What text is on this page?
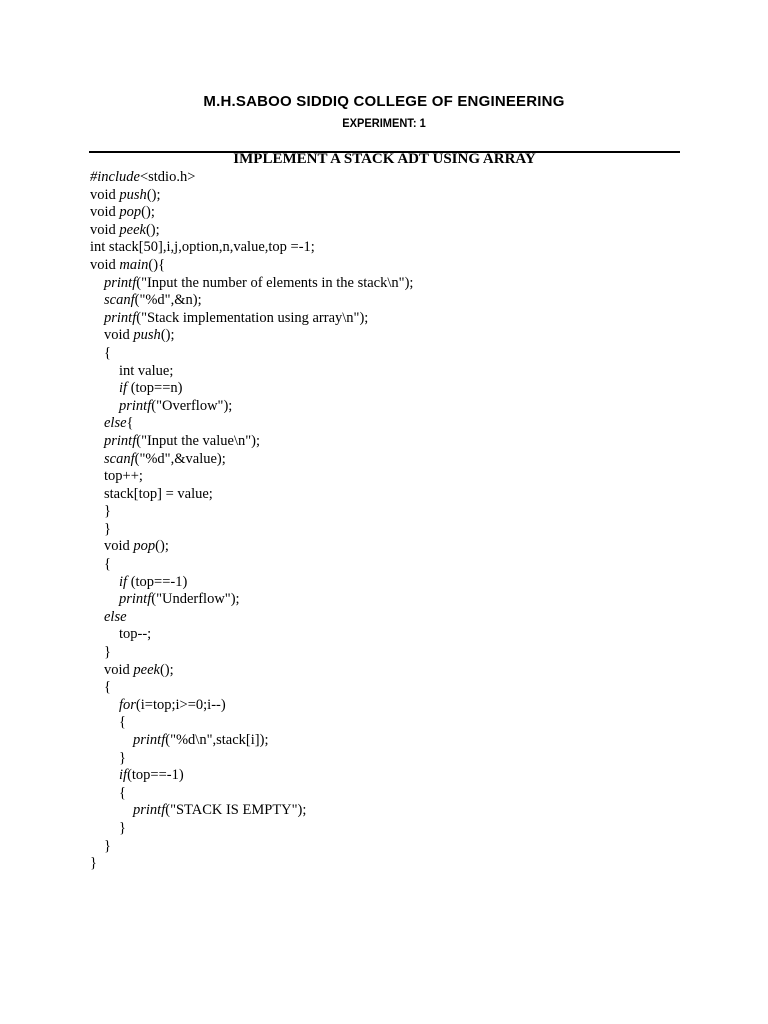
M.H.SABOO SIDDIQ COLLEGE OF ENGINEERING
EXPERIMENT: 1
IMPLEMENT A STACK ADT USING ARRAY
#include<stdio.h>
void push();
void pop();
void peek();
int stack[50],i,j,option,n,value,top =-1;
void main(){
printf("Input the number of elements in the stack\n");
scanf("%d",&n);
printf("Stack implementation using array\n");
void push();
{
int value;
if (top==n)
printf("Overflow");
else{
printf("Input the value\n");
scanf("%d",&value);
top++;
stack[top] = value;
}
}
void pop();
{
if (top==-1)
printf("Underflow");
else
top--;
}
void peek();
{
for(i=top;i>=0;i--)
{
printf("%d\n",stack[i]);
}
if(top==-1)
{
printf("STACK IS EMPTY");
}
}
}
